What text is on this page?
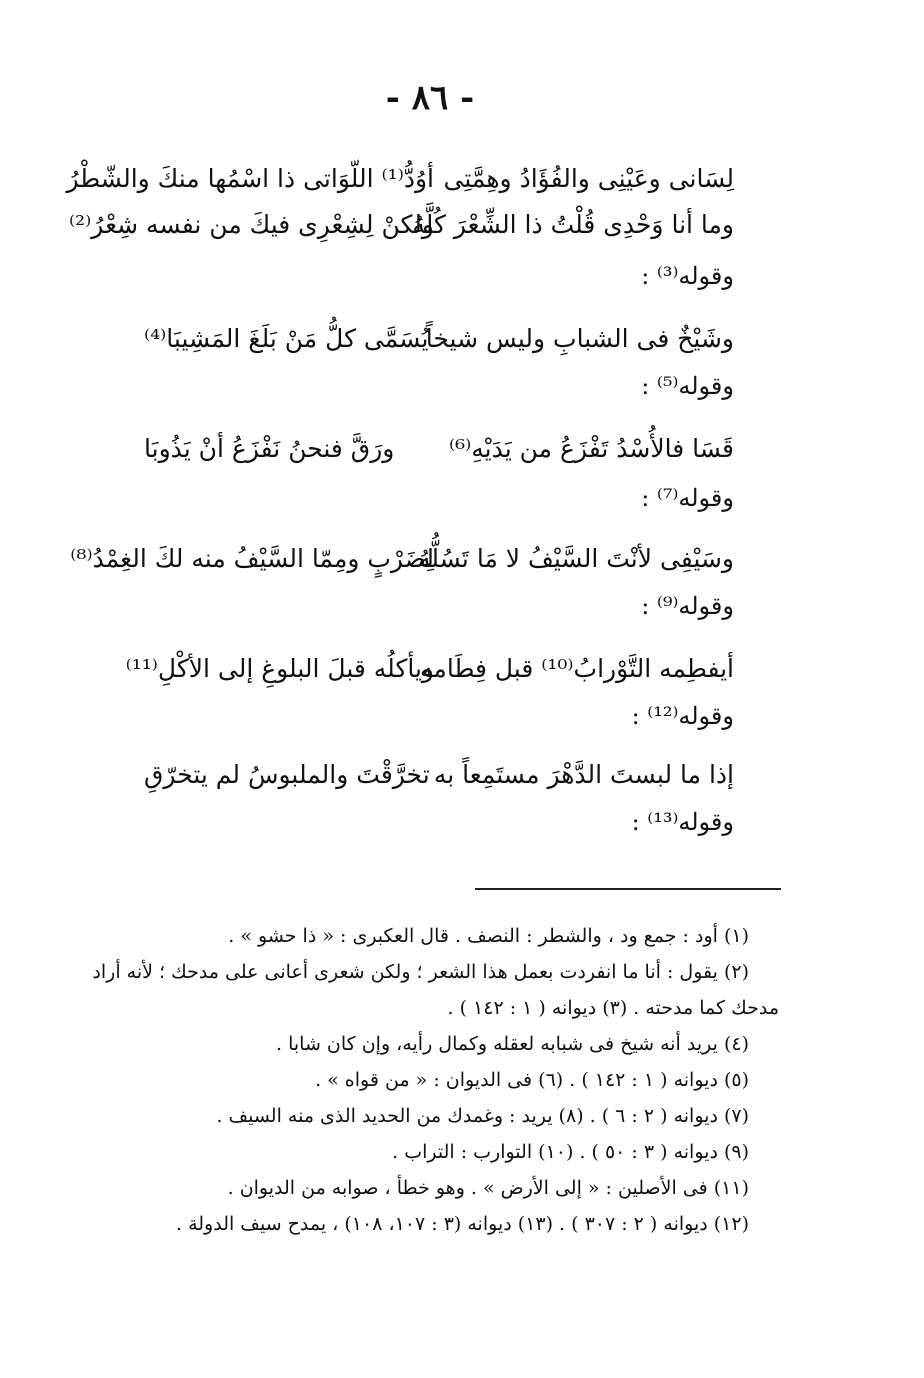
- ٨٦ -
لِسَانى وعَيْنِى والفُؤَادُ وهِمَّتِى
أوُدُّ⁽¹⁾ اللّوَاتى ذا اسْمُها منكَ والشّطْرُ
وما أنا وَحْدِى قُلْتُ ذا الشِّعْرَ كُلَّهُ
ولكنْ لِشِعْرِى فيكَ من نفسه شِعْرُ⁽²⁾
وقوله⁽³⁾ :
وشَيْخٌ فى الشبابِ وليس شيخاً
يُسَمَّى كلُّ مَنْ بَلَغَ المَشِيبَا⁽⁴⁾
وقوله⁽⁵⁾ :
قَسَا فالأُسْدُ تَفْزَعُ من يَدَيْهِ⁽⁶⁾
ورَقَّ فنحنُ نَفْزَعُ أنْ يَذُوبَا
وقوله⁽⁷⁾ :
وسَيْفِى لأنْتَ السَّيْفُ لا مَا تَسُلُّهُ
لِضَرْبٍ ومِمّا السَّيْفُ منه لكَ الغِمْدُ⁽⁸⁾
وقوله⁽⁹⁾ :
أيفطِمه التَّوْرابُ⁽¹⁰⁾ قبل فِطَامه
ويأكلُه قبلَ البلوغِ إلى الأكْلِ⁽¹¹⁾
وقوله⁽¹²⁾ :
إذا ما لبستَ الدَّهْرَ مستَمِعاً به
تخرَّقْتَ والملبوسُ لم يتخرّقِ
وقوله⁽¹³⁾ :
(١) أود : جمع ود ، والشطر : النصف . قال العكبرى : « ذا حشو » .
(٢) يقول : أنا ما انفردت بعمل هذا الشعر ؛ ولكن شعرى أعانى على مدحك ؛ لأنه أراد
مدحك كما مدحته . (٣) ديوانه ( ١ : ١٤٢ ) .
(٤) يريد أنه شيخ فى شبابه لعقله وكمال رأيه، وإن كان شابا .
(٥) ديوانه ( ١ : ١٤٢ ) . (٦) فى الديوان : « من قواه » .
(٧) ديوانه ( ٢ : ٦ ) . (٨) يريد : وغمدك من الحديد الذى منه السيف .
(٩) ديوانه ( ٣ : ٥٠ ) . (١٠) التوارب : التراب .
(١١) فى الأصلين : « إلى الأرض » . وهو خطأ ، صوابه من الديوان .
(١٢) ديوانه ( ٢ : ٣٠٧ ) . (١٣) ديوانه (٣ : ١٠٧، ١٠٨) ، يمدح سيف الدولة .
